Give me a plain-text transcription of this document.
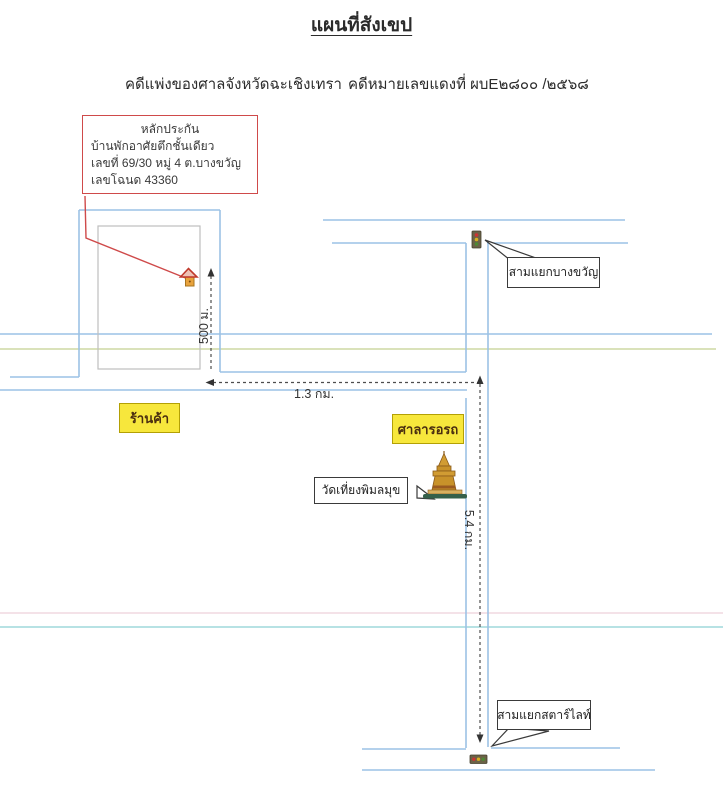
แผนที่สังเขป
คดีแพ่งของศาลจังหวัดฉะเชิงเทรา คดีหมายเลขแดงที่ ผบE๒๘๐๐ /๒๕๖๘
หลักประกัน
บ้านพักอาศัยตึกชั้นเดียว
เลขที่ 69/30 หมู่ 4 ต.บางขวัญ
เลขโฉนด 43360
ร้านค้า
ศาลารอรถ
สามแยกบางขวัญ
วัดเที่ยงพิมลมุข
สามแยกสตาร์ไลท์
500 ม.
1.3 กม.
5.4 กม.
